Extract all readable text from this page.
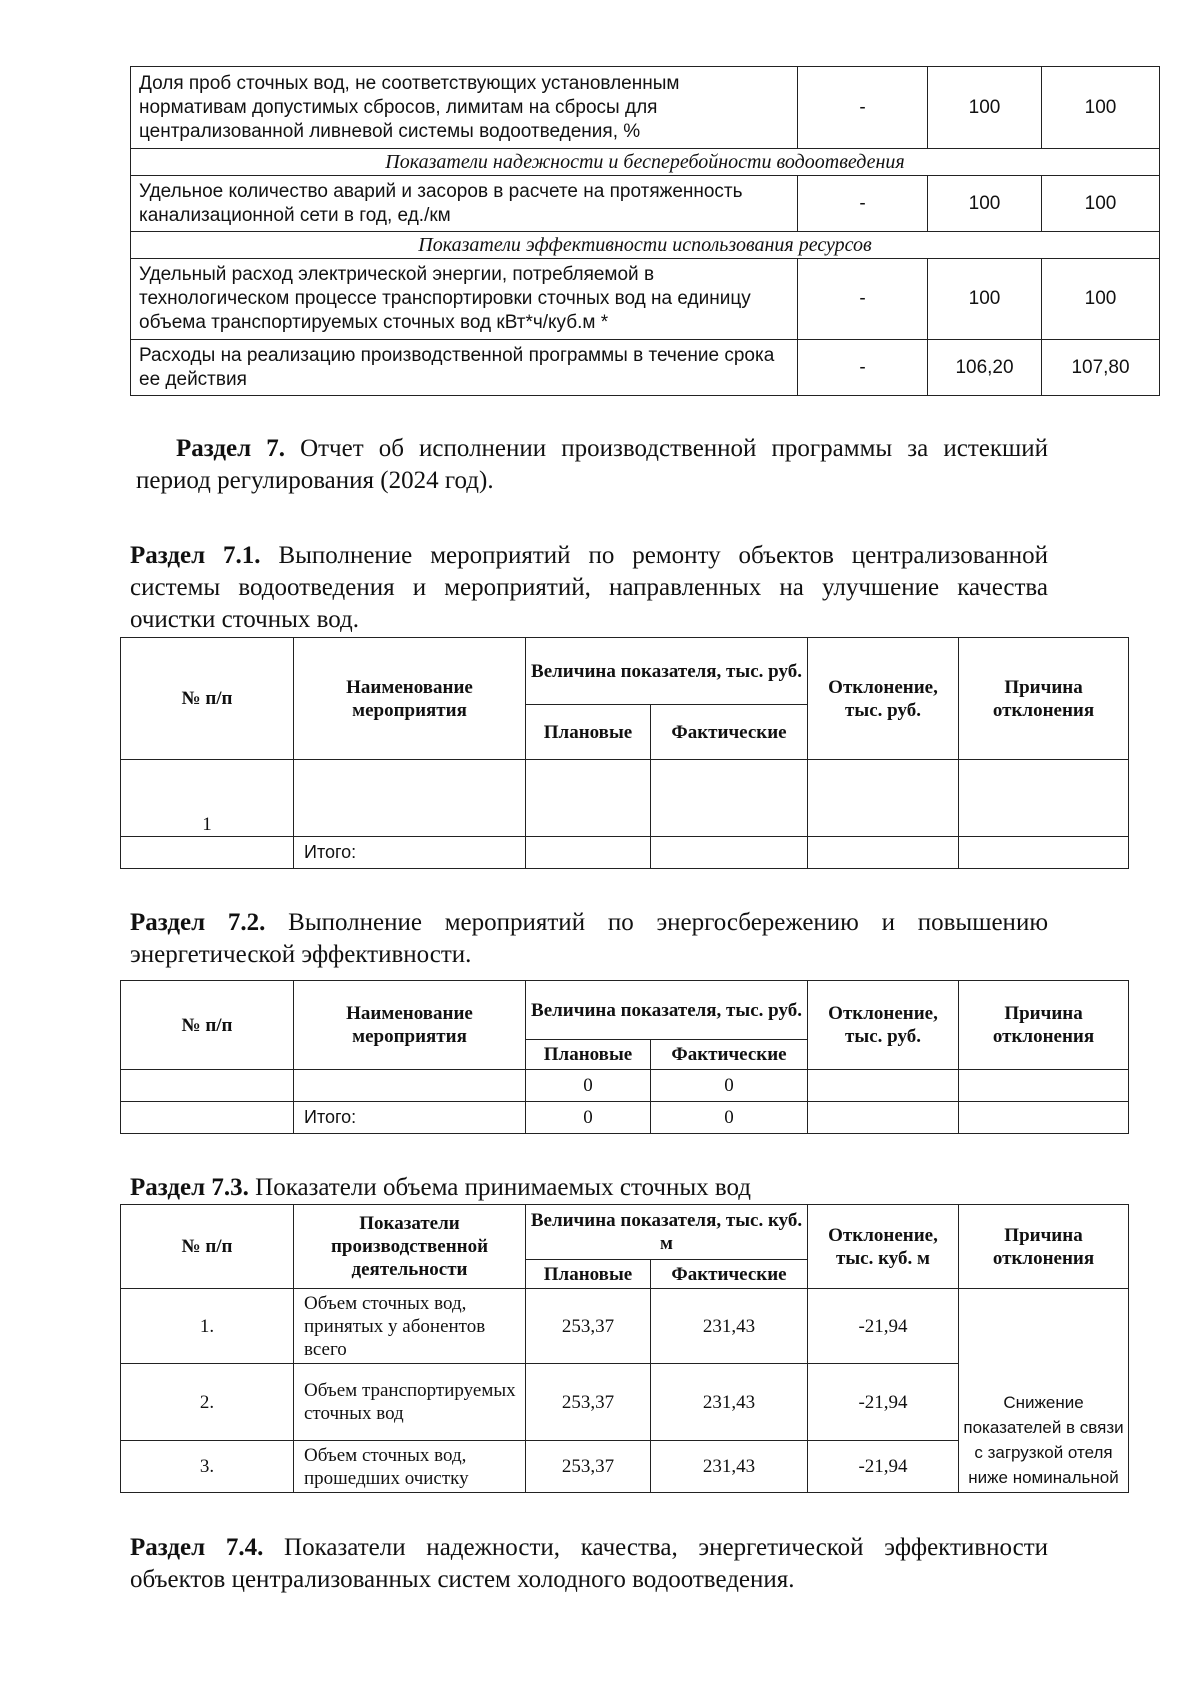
Доля проб сточных вод, не соответствующих установленным нормативам допустимых сбросов, лимитам на сбросы для централизованной ливневой системы водоотведения, %	-	100	100
Показатели надежности и бесперебойности водоотведения			
Удельное количество аварий и засоров в расчете на протяженность канализационной сети в год, ед./км	-	100	100
Показатели эффективности использования ресурсов			
Удельный расход электрической энергии, потребляемой в технологическом процессе транспортировки сточных вод на единицу объема транспортируемых сточных вод кВт*ч/куб.м *	-	100	100
Расходы на реализацию производственной программы в течение срока ее действия	-	106,20	107,80

Раздел 7. Отчет об исполнении производственной программы за истекший период регулирования (2024 год).

Раздел 7.1. Выполнение мероприятий по ремонту объектов централизованной системы водоотведения и мероприятий, направленных на улучшение качества очистки сточных вод.

№ п/п	Наименование мероприятия	Величина показателя, тыс. руб.		Отклонение, тыс. руб.	Причина отклонения
		Плановые	Фактические		
1					
	Итого:				

Раздел 7.2. Выполнение мероприятий по энергосбережению и повышению энергетической эффективности.

№ п/п	Наименование мероприятия	Величина показателя, тыс. руб.		Отклонение, тыс. руб.	Причина отклонения
		Плановые	Фактические		
		0	0		
	Итого:	0	0		

Раздел 7.3. Показатели объема принимаемых сточных вод

№ п/п	Показатели производственной деятельности	Величина показателя, тыс. куб. м		Отклонение, тыс. куб. м	Причина отклонения
		Плановые	Фактические		
1.	Объем сточных вод, принятых у абонентов всего	253,37	231,43	-21,94	Снижение показателей в связи с загрузкой отеля ниже номинальной
2.	Объем транспортируемых сточных вод	253,37	231,43	-21,94	
3.	Объем сточных вод, прошедших очистку	253,37	231,43	-21,94	

Раздел 7.4. Показатели надежности, качества, энергетической эффективности объектов централизованных систем холодного водоотведения.
